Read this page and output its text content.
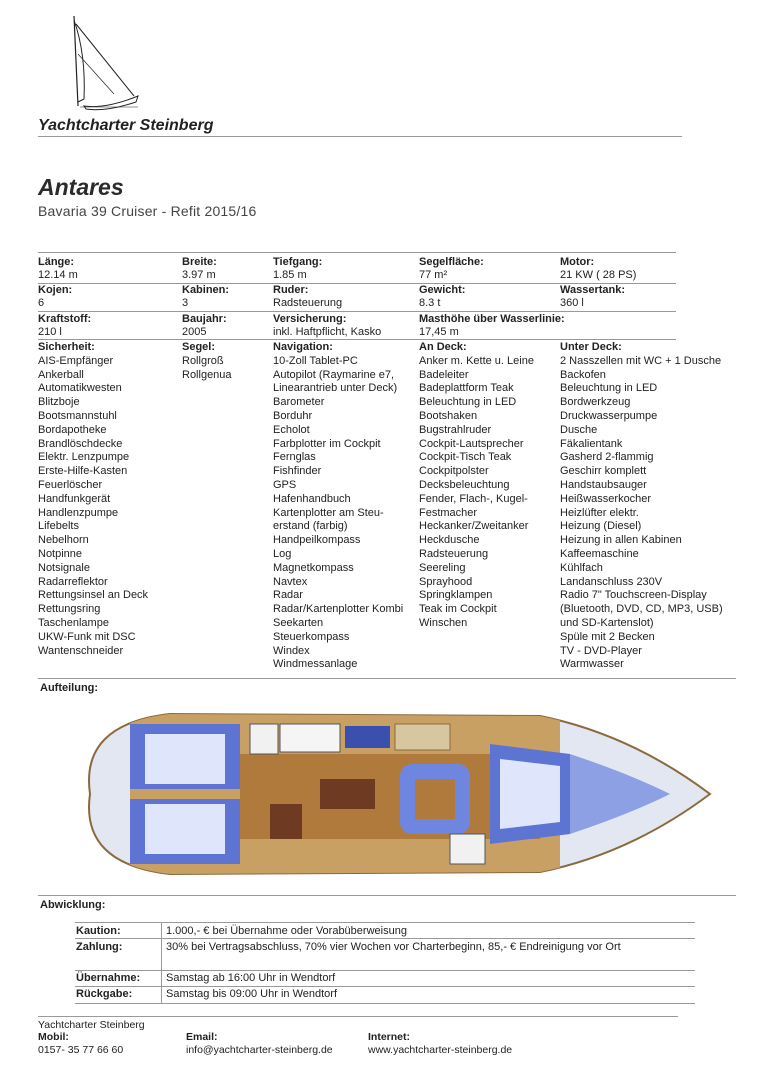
Yachtcharter Steinberg
Antares
Bavaria 39 Cruiser - Refit 2015/16
Länge:
12.14 m
Breite:
3.97 m
Tiefgang:
1.85 m
Segelfläche:
77 m²
Motor:
21 KW ( 28 PS)
Kojen:
6
Kabinen:
3
Ruder:
Radsteuerung
Gewicht:
8.3 t
Wassertank:
360 l
Kraftstoff:
210 l
Baujahr:
2005
Versicherung:
inkl. Haftpflicht, Kasko
Masthöhe über Wasserlinie:
17,45 m
Sicherheit:
AIS-Empfänger
Ankerball
Automatikwesten
Blitzboje
Bootsmannstuhl
Bordapotheke
Brandlöschdecke
Elektr. Lenzpumpe
Erste-Hilfe-Kasten
Feuerlöscher
Handfunkgerät
Handlenzpumpe
Lifebelts
Nebelhorn
Notpinne
Notsignale
Radarreflektor
Rettungsinsel an Deck
Rettungsring
Taschenlampe
UKW-Funk mit DSC
Wantenschneider
Segel:
Rollgroß
Rollgenua
Navigation:
10-Zoll Tablet-PC
Autopilot (Raymarine e7,
Linearantrieb unter Deck)
Barometer
Borduhr
Echolot
Farbplotter im Cockpit
Fernglas
Fishfinder
GPS
Hafenhandbuch
Kartenplotter am Steu-
erstand (farbig)
Handpeilkompass
Log
Magnetkompass
Navtex
Radar
Radar/Kartenplotter Kombi
Seekarten
Steuerkompass
Windex
Windmessanlage
An Deck:
Anker m. Kette u. Leine
Badeleiter
Badeplattform Teak
Beleuchtung in LED
Bootshaken
Bugstrahlruder
Cockpit-Lautsprecher
Cockpit-Tisch Teak
Cockpitpolster
Decksbeleuchtung
Fender, Flach-, Kugel-
Festmacher
Heckanker/Zweitanker
Heckdusche
Radsteuerung
Seereling
Sprayhood
Springklampen
Teak im Cockpit
Winschen
Unter Deck:
2 Nasszellen mit WC + 1 Dusche
Backofen
Beleuchtung in LED
Bordwerkzeug
Druckwasserpumpe
Dusche
Fäkalientank
Gasherd 2-flammig
Geschirr komplett
Handstaubsauger
Heißwasserkocher
Heizlüfter elektr.
Heizung (Diesel)
Heizung in allen Kabinen
Kaffeemaschine
Kühlfach
Landanschluss 230V
Radio 7" Touchscreen-Display
(Bluetooth, DVD, CD, MP3, USB)
und SD-Kartenslot)
Spüle mit 2 Becken
TV - DVD-Player
Warmwasser
Aufteilung:
Abwicklung:
Kaution:	1.000,- € bei Übernahme oder Vorabüberweisung
Zahlung:	30% bei Vertragsabschluss, 70% vier Wochen vor Charterbeginn, 85,- € Endreinigung vor Ort
Übernahme: Samstag ab 16:00 Uhr in Wendtorf
Rückgabe:	Samstag bis 09:00 Uhr in Wendtorf
Yachtcharter Steinberg
Mobil:
0157- 35 77 66 60
Email:
info@yachtcharter-steinberg.de
Internet:
www.yachtcharter-steinberg.de
